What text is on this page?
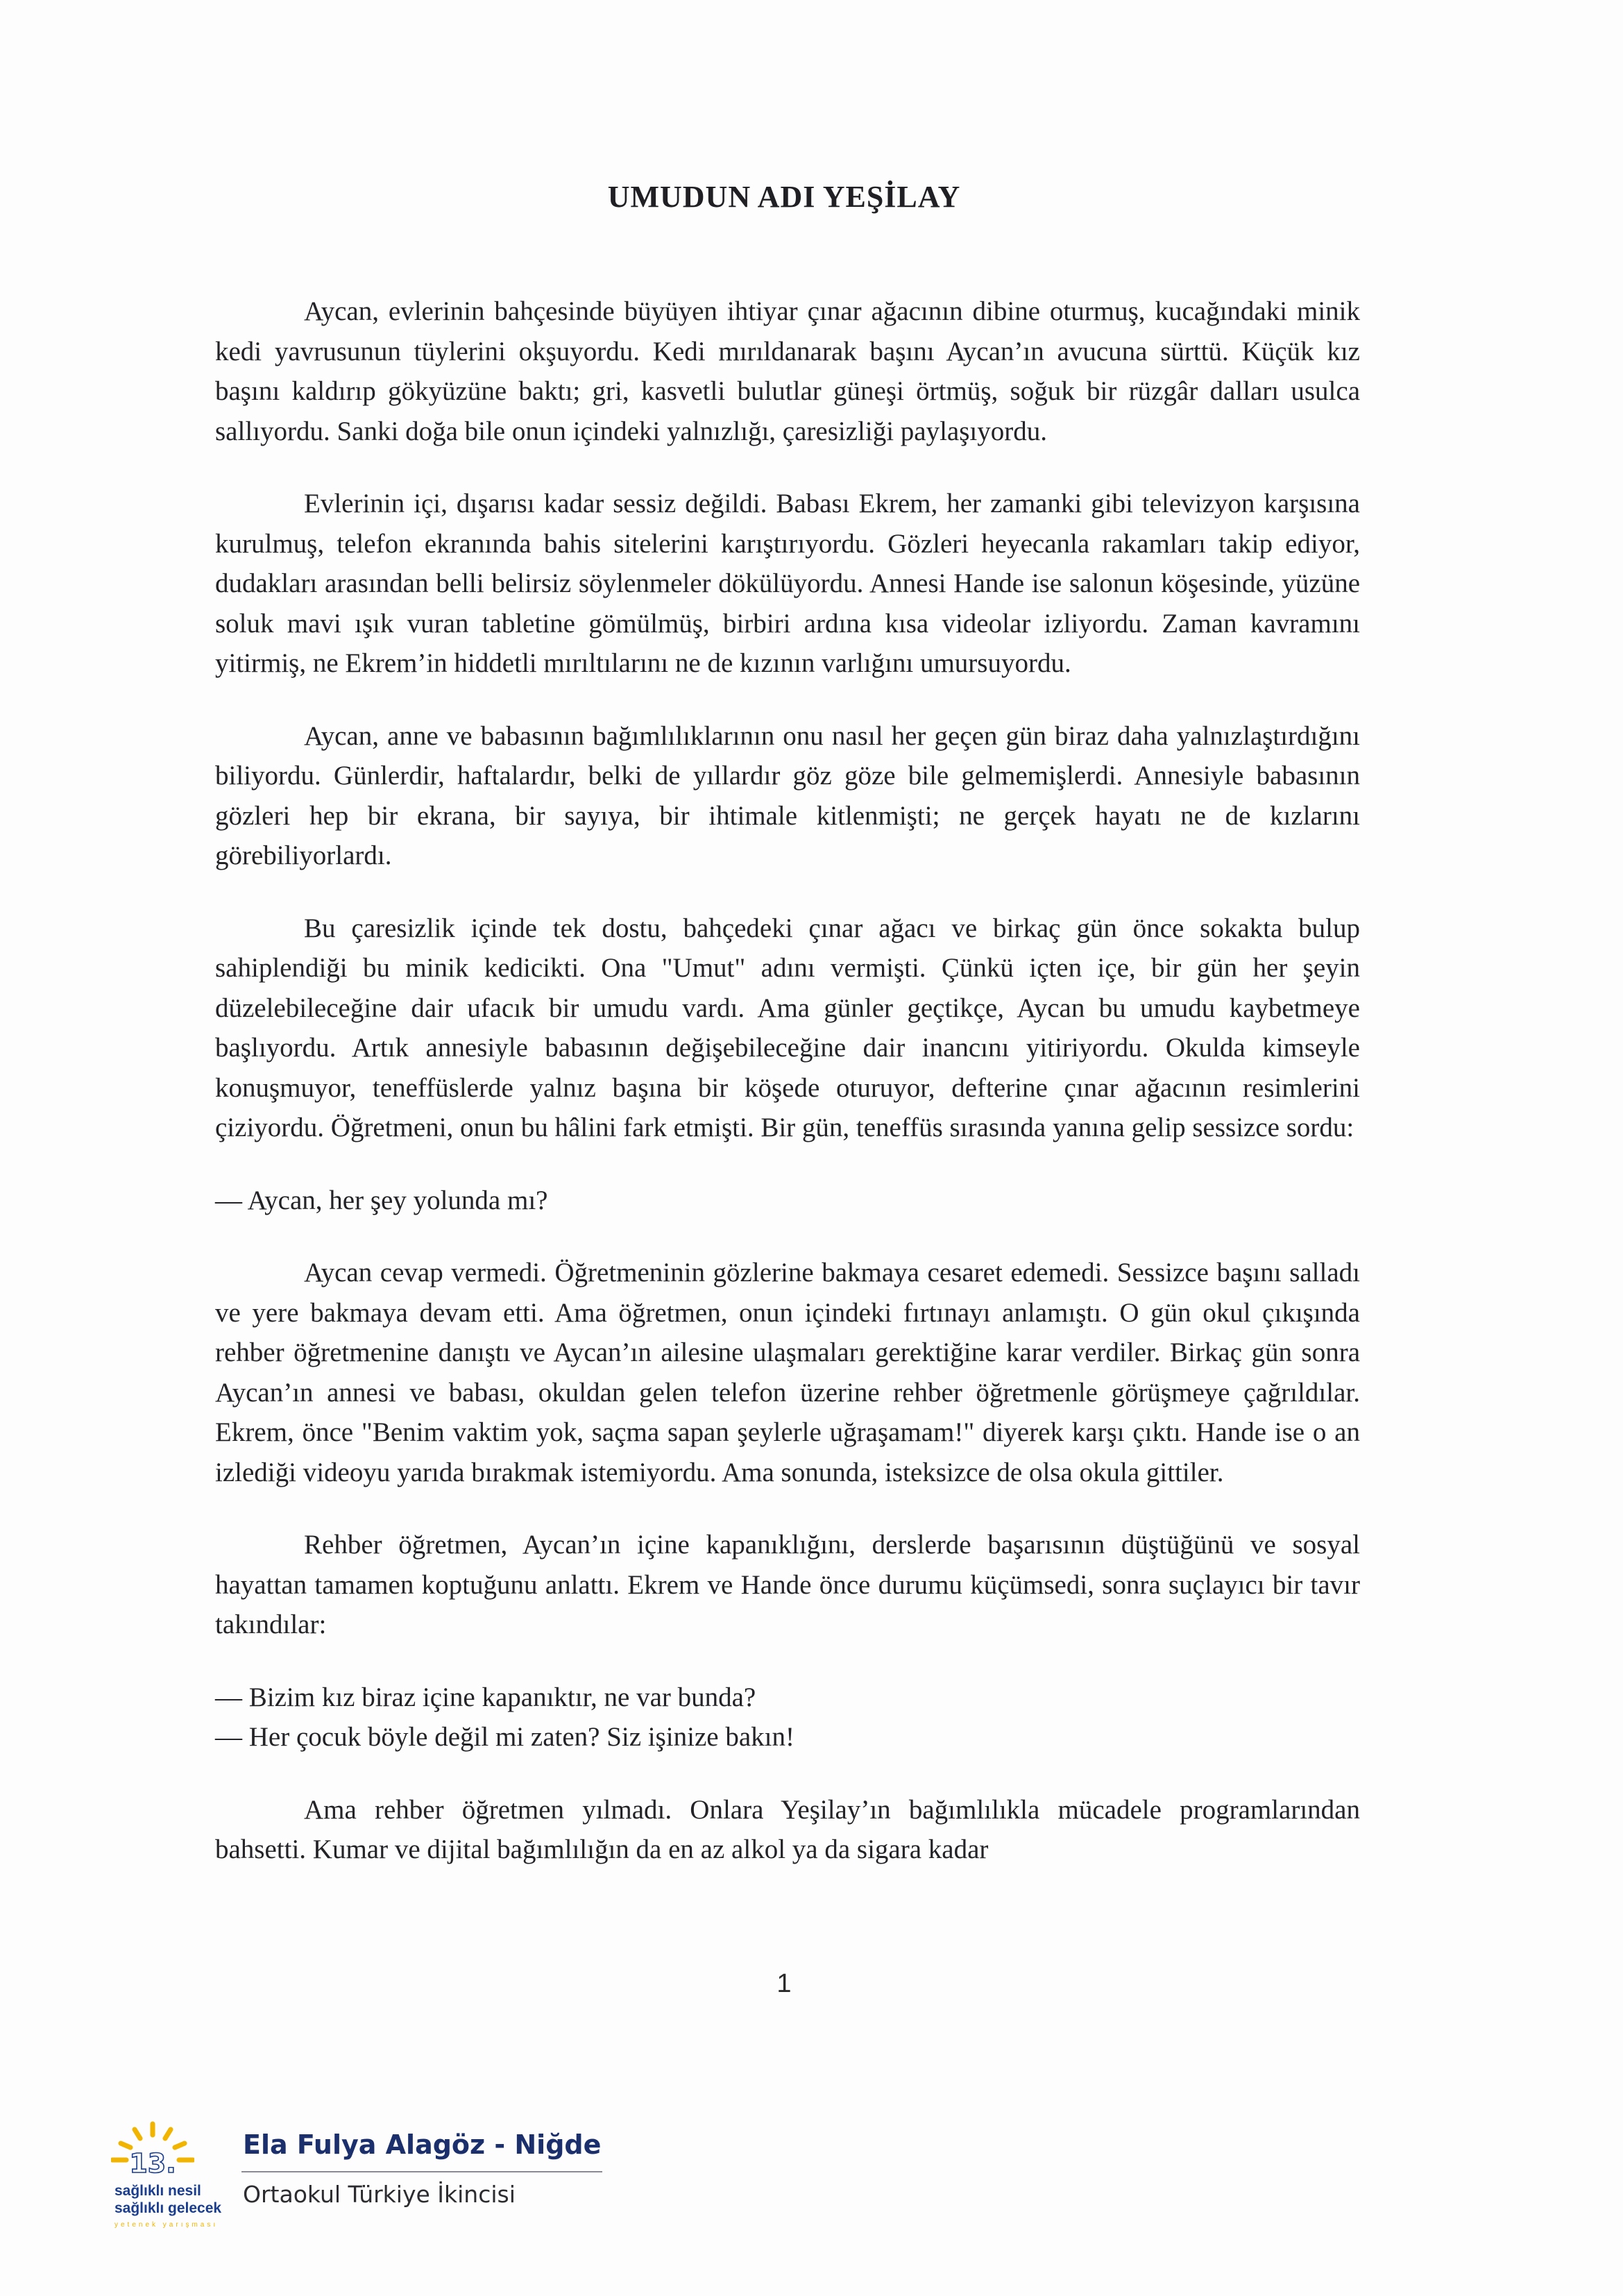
UMUDUN ADI YEŞİLAY

Aycan, evlerinin bahçesinde büyüyen ihtiyar çınar ağacının dibine oturmuş, kucağındaki minik kedi yavrusunun tüylerini okşuyordu. Kedi mırıldanarak başını Aycan’ın avucuna sürttü. Küçük kız başını kaldırıp gökyüzüne baktı; gri, kasvetli bulutlar güneşi örtmüş, soğuk bir rüzgâr dalları usulca sallıyordu. Sanki doğa bile onun içindeki yalnızlığı, çaresizliği paylaşıyordu.

Evlerinin içi, dışarısı kadar sessiz değildi. Babası Ekrem, her zamanki gibi televizyon karşısına kurulmuş, telefon ekranında bahis sitelerini karıştırıyordu. Gözleri heyecanla rakamları takip ediyor, dudakları arasından belli belirsiz söylenmeler dökülüyordu. Annesi Hande ise salonun köşesinde, yüzüne soluk mavi ışık vuran tabletine gömülmüş, birbiri ardına kısa videolar izliyordu. Zaman kavramını yitirmiş, ne Ekrem’in hiddetli mırıltılarını ne de kızının varlığını umursuyordu.

Aycan, anne ve babasının bağımlılıklarının onu nasıl her geçen gün biraz daha yalnızlaştırdığını biliyordu. Günlerdir, haftalardır, belki de yıllardır göz göze bile gelmemişlerdi. Annesiyle babasının gözleri hep bir ekrana, bir sayıya, bir ihtimale kitlenmişti; ne gerçek hayatı ne de kızlarını görebiliyorlardı.

Bu çaresizlik içinde tek dostu, bahçedeki çınar ağacı ve birkaç gün önce sokakta bulup sahiplendiği bu minik kedicikti. Ona "Umut" adını vermişti. Çünkü içten içe, bir gün her şeyin düzelebileceğine dair ufacık bir umudu vardı. Ama günler geçtikçe, Aycan bu umudu kaybetmeye başlıyordu. Artık annesiyle babasının değişebileceğine dair inancını yitiriyordu. Okulda kimseyle konuşmuyor, teneffüslerde yalnız başına bir köşede oturuyor, defterine çınar ağacının resimlerini çiziyordu. Öğretmeni, onun bu hâlini fark etmişti. Bir gün, teneffüs sırasında yanına gelip sessizce sordu:

— Aycan, her şey yolunda mı?

Aycan cevap vermedi. Öğretmeninin gözlerine bakmaya cesaret edemedi. Sessizce başını salladı ve yere bakmaya devam etti. Ama öğretmen, onun içindeki fırtınayı anlamıştı. O gün okul çıkışında rehber öğretmenine danıştı ve Aycan’ın ailesine ulaşmaları gerektiğine karar verdiler. Birkaç gün sonra Aycan’ın annesi ve babası, okuldan gelen telefon üzerine rehber öğretmenle görüşmeye çağrıldılar. Ekrem, önce "Benim vaktim yok, saçma sapan şeylerle uğraşamam!" diyerek karşı çıktı. Hande ise o an izlediği videoyu yarıda bırakmak istemiyordu. Ama sonunda, isteksizce de olsa okula gittiler.

Rehber öğretmen, Aycan’ın içine kapanıklığını, derslerde başarısının düştüğünü ve sosyal hayattan tamamen koptuğunu anlattı. Ekrem ve Hande önce durumu küçümsedi, sonra suçlayıcı bir tavır takındılar:

— Bizim kız biraz içine kapanıktır, ne var bunda?

— Her çocuk böyle değil mi zaten? Siz işinize bakın!

Ama rehber öğretmen yılmadı. Onlara Yeşilay’ın bağımlılıkla mücadele programlarından bahsetti. Kumar ve dijital bağımlılığın da en az alkol ya da sigara kadar

1
13.
sağlıklı nesil
sağlıklı gelecek
yetenek yarışması
Ela Fulya Alagöz - Niğde
Ortaokul Türkiye İkincisi
